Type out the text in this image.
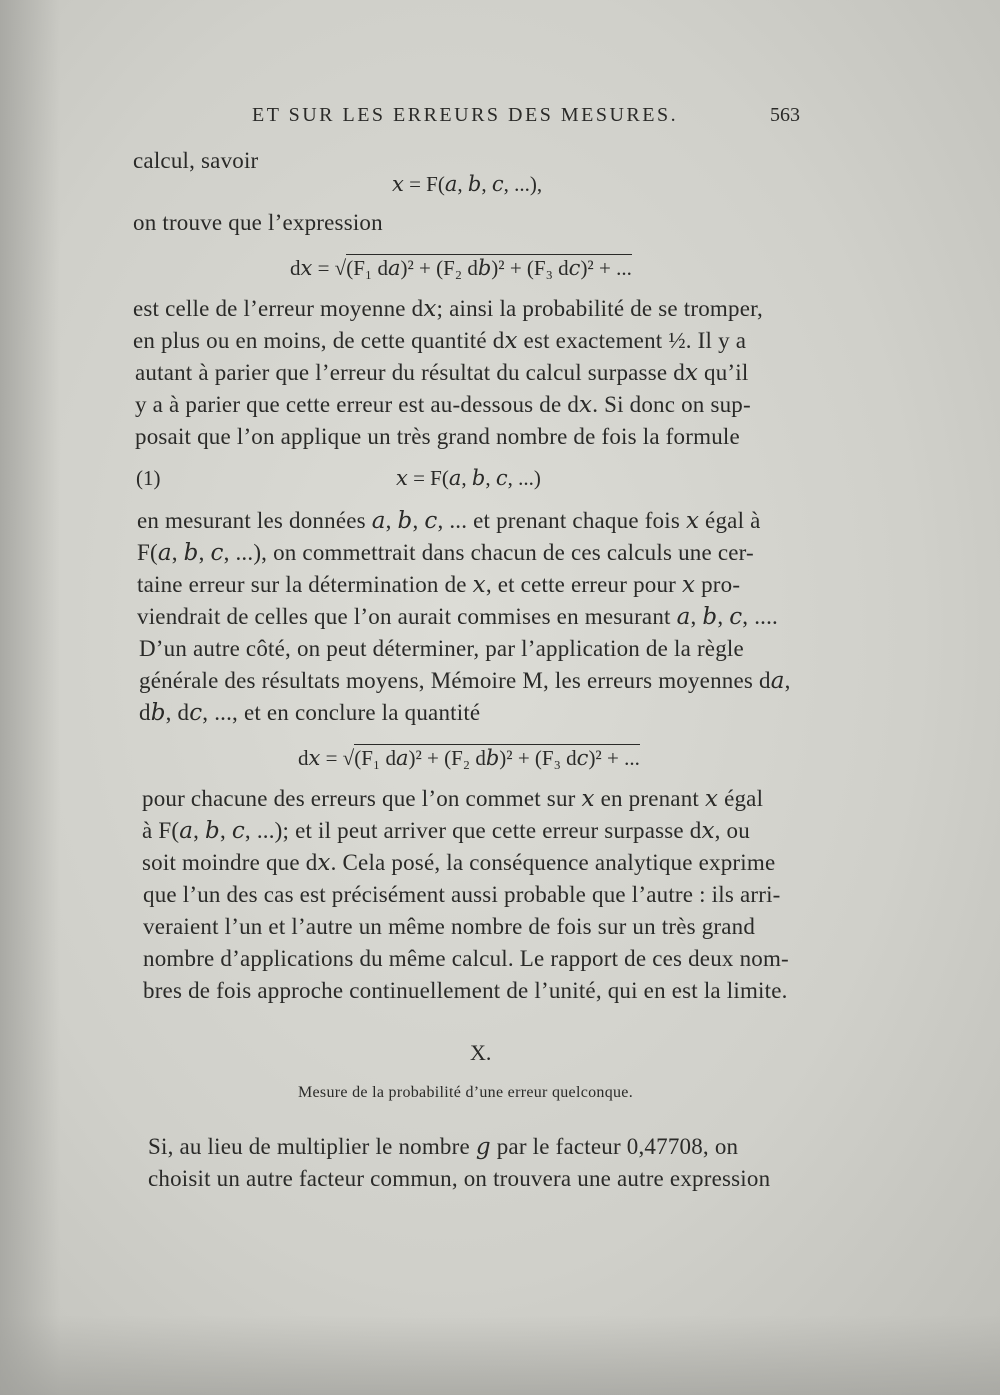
ET SUR LES ERREURS DES MESURES.	563
calcul, savoir
𝑥 = F(𝑎, 𝑏, 𝑐, ...),
on trouve que l’expression
d𝑥 = √(F₁ d𝑎)² + (F₂ d𝑏)² + (F₃ d𝑐)² + ...
est celle de l’erreur moyenne d𝑥; ainsi la probabilité de se tromper,
en plus ou en moins, de cette quantité d𝑥 est exactement ½. Il y a
autant à parier que l’erreur du résultat du calcul surpasse d𝑥 qu’il
y a à parier que cette erreur est au-dessous de d𝑥. Si donc on sup-
posait que l’on applique un très grand nombre de fois la formule
(1)	𝑥 = F(𝑎, 𝑏, 𝑐, ...)
en mesurant les données 𝑎, 𝑏, 𝑐, ... et prenant chaque fois 𝑥 égal à
F(𝑎, 𝑏, 𝑐, ...), on commettrait dans chacun de ces calculs une cer-
taine erreur sur la détermination de 𝑥, et cette erreur pour 𝑥 pro-
viendrait de celles que l’on aurait commises en mesurant 𝑎, 𝑏, 𝑐, ....
D’un autre côté, on peut déterminer, par l’application de la règle
générale des résultats moyens, Mémoire M, les erreurs moyennes d𝑎,
d𝑏, d𝑐, ..., et en conclure la quantité
d𝑥 = √(F₁ d𝑎)² + (F₂ d𝑏)² + (F₃ d𝑐)² + ...
pour chacune des erreurs que l’on commet sur 𝑥 en prenant 𝑥 égal
à F(𝑎, 𝑏, 𝑐, ...); et il peut arriver que cette erreur surpasse d𝑥, ou
soit moindre que d𝑥. Cela posé, la conséquence analytique exprime
que l’un des cas est précisément aussi probable que l’autre : ils arri-
veraient l’un et l’autre un même nombre de fois sur un très grand
nombre d’applications du même calcul. Le rapport de ces deux nom-
bres de fois approche continuellement de l’unité, qui en est la limite.
X.
Mesure de la probabilité d’une erreur quelconque.
Si, au lieu de multiplier le nombre 𝑔 par le facteur 0,47708, on
choisit un autre facteur commun, on trouvera une autre expression
